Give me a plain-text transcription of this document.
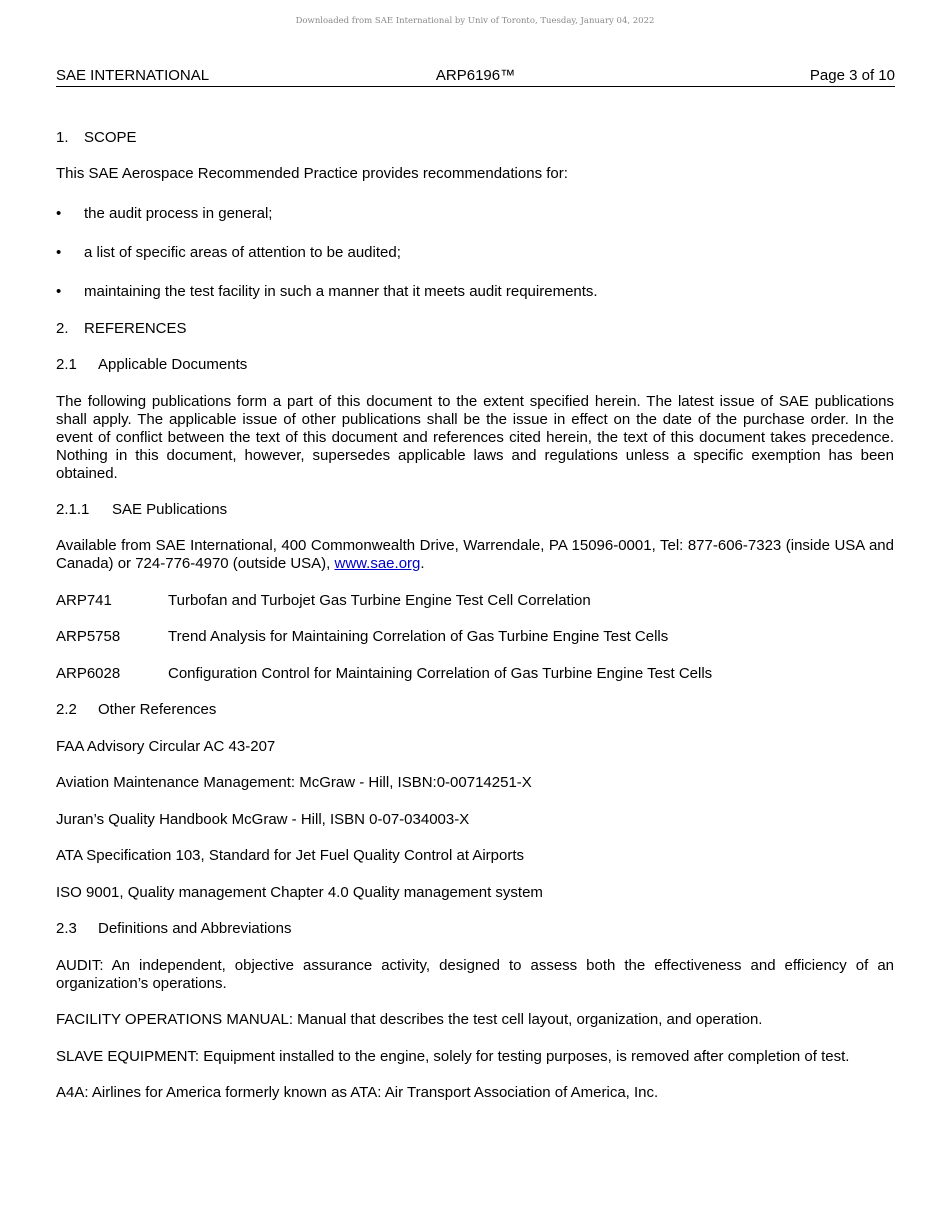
Downloaded from SAE International by Univ of Toronto, Tuesday, January 04, 2022
SAE INTERNATIONAL	ARP6196™	Page 3 of 10
1. SCOPE
This SAE Aerospace Recommended Practice provides recommendations for:
• the audit process in general;
• a list of specific areas of attention to be audited;
• maintaining the test facility in such a manner that it meets audit requirements.
2. REFERENCES
2.1 Applicable Documents
The following publications form a part of this document to the extent specified herein. The latest issue of SAE publications shall apply. The applicable issue of other publications shall be the issue in effect on the date of the purchase order. In the event of conflict between the text of this document and references cited herein, the text of this document takes precedence. Nothing in this document, however, supersedes applicable laws and regulations unless a specific exemption has been obtained.
2.1.1 SAE Publications
Available from SAE International, 400 Commonwealth Drive, Warrendale, PA 15096-0001, Tel: 877-606-7323 (inside USA and Canada) or 724-776-4970 (outside USA), www.sae.org.
ARP741	Turbofan and Turbojet Gas Turbine Engine Test Cell Correlation
ARP5758	Trend Analysis for Maintaining Correlation of Gas Turbine Engine Test Cells
ARP6028	Configuration Control for Maintaining Correlation of Gas Turbine Engine Test Cells
2.2 Other References
FAA Advisory Circular AC 43-207
Aviation Maintenance Management: McGraw - Hill, ISBN:0-00714251-X
Juran’s Quality Handbook McGraw - Hill, ISBN 0-07-034003-X
ATA Specification 103, Standard for Jet Fuel Quality Control at Airports
ISO 9001, Quality management Chapter 4.0 Quality management system
2.3 Definitions and Abbreviations
AUDIT: An independent, objective assurance activity, designed to assess both the effectiveness and efficiency of an organization’s operations.
FACILITY OPERATIONS MANUAL: Manual that describes the test cell layout, organization, and operation.
SLAVE EQUIPMENT: Equipment installed to the engine, solely for testing purposes, is removed after completion of test.
A4A: Airlines for America formerly known as ATA: Air Transport Association of America, Inc.
